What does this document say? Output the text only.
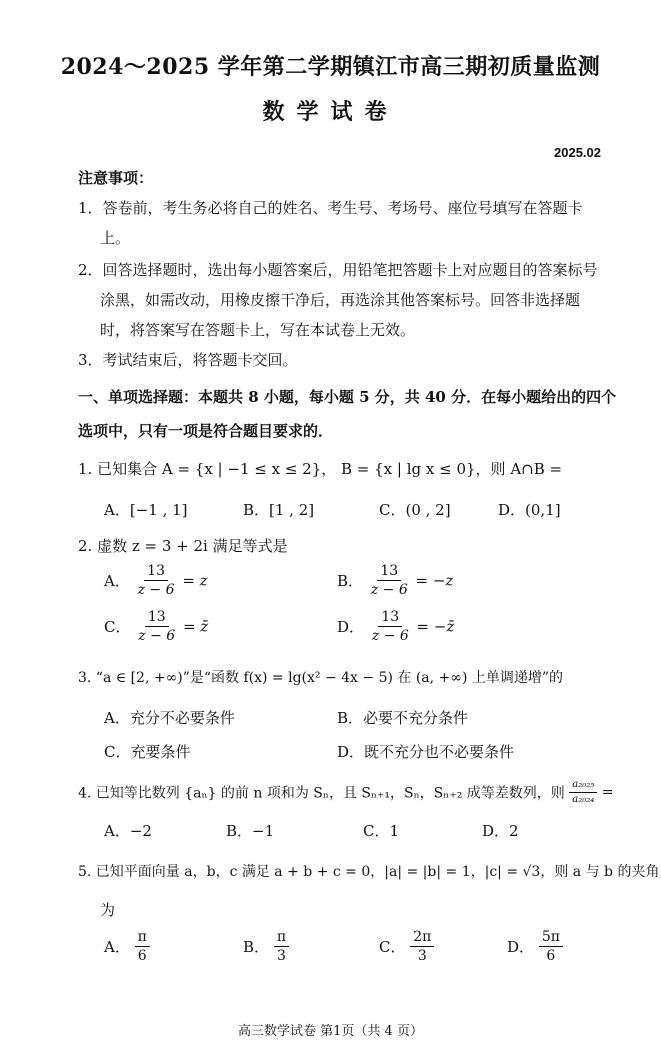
2024～2025 学年第二学期镇江市高三期初质量监测
数学试卷
2025.02
注意事项：
1．答卷前，考生务必将自己的姓名、考生号、考场号、座位号填写在答题卡
上。
2．回答选择题时，选出每小题答案后，用铅笔把答题卡上对应题目的答案标号
涂黑，如需改动，用橡皮擦干净后，再选涂其他答案标号。回答非选择题
时，将答案写在答题卡上，写在本试卷上无效。
3．考试结束后，将答题卡交回。
一、单项选择题：本题共 8 小题，每小题 5 分，共 40 分．在每小题给出的四个
选项中，只有一项是符合题目要求的．
1. 已知集合 A = {x | −1 ≤ x ≤ 2}， B = {x | lg x ≤ 0}，则 A∩B =
A．[−1 , 1]	B．[1 , 2]	C．(0 , 2]	D．(0,1]
2. 虚数 z = 3 + 2i 满足等式是
A． $\frac{13}{z - 6} = z$	B． $\frac{13}{z - 6} = -z$
C． $\frac{13}{z - 6}$ = z̄	D． $\frac{13}{z - 6}$ = −z̄
3. “a ∈ [2, +∞)”是“函数 f(x) = lg(x² − 4x − 5) 在 (a, +∞) 上单调递增”的
A．充分不必要条件	B．必要不充分条件
C．充要条件	D．既不充分也不必要条件
4. 已知等比数列 {aₙ} 的前 n 项和为 Sₙ，且 Sₙ₊₁，Sₙ，Sₙ₊₂ 成等差数列，则 $\frac{\text{a₂₀₂₅}}{\text{a₂₀₂₄}}$ =
A．−2	B．−1	C．1	D．2
5. 已知平面向量 a，b，c 满足 a + b + c = 0，|a| = |b| = 1，|c| = √3，则 a 与 b 的夹角
为
A． $\frac{\pi}{6}$	B． $\frac{\pi}{3}$	C． $\frac{2\pi}{3}$	D． $\frac{5\pi}{6}$
高三数学试卷 第1页（共 4 页）
